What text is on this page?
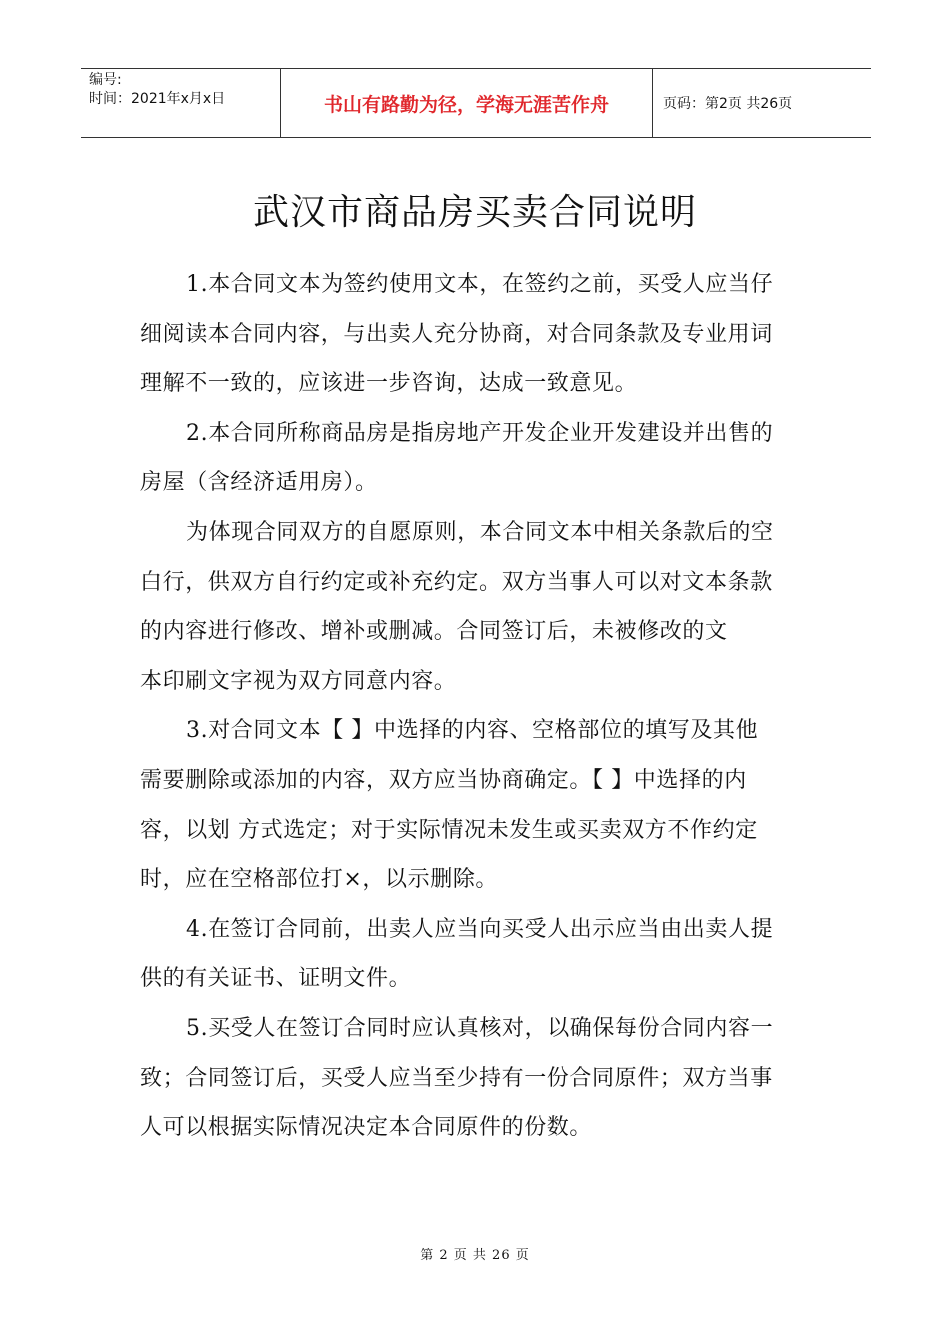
编号:
时间：2021年x月x日	书山有路勤为径，学海无涯苦作舟	页码：第2页 共26页
武汉市商品房买卖合同说明
1.本合同文本为签约使用文本，在签约之前，买受人应当仔
细阅读本合同内容，与出卖人充分协商，对合同条款及专业用词
理解不一致的，应该进一步咨询，达成一致意见。
2.本合同所称商品房是指房地产开发企业开发建设并出售的
房屋（含经济适用房）。
为体现合同双方的自愿原则，本合同文本中相关条款后的空
白行，供双方自行约定或补充约定。双方当事人可以对文本条款
的内容进行修改、增补或删减。合同签订后，未被修改的文
本印刷文字视为双方同意内容。
3.对合同文本【 】中选择的内容、空格部位的填写及其他
需要删除或添加的内容，双方应当协商确定。【 】中选择的内
容，以划 方式选定；对于实际情况未发生或买卖双方不作约定
时，应在空格部位打×，以示删除。
4.在签订合同前，出卖人应当向买受人出示应当由出卖人提
供的有关证书、证明文件。
5.买受人在签订合同时应认真核对，以确保每份合同内容一
致；合同签订后，买受人应当至少持有一份合同原件；双方当事
人可以根据实际情况决定本合同原件的份数。
第 2 页 共 26 页
